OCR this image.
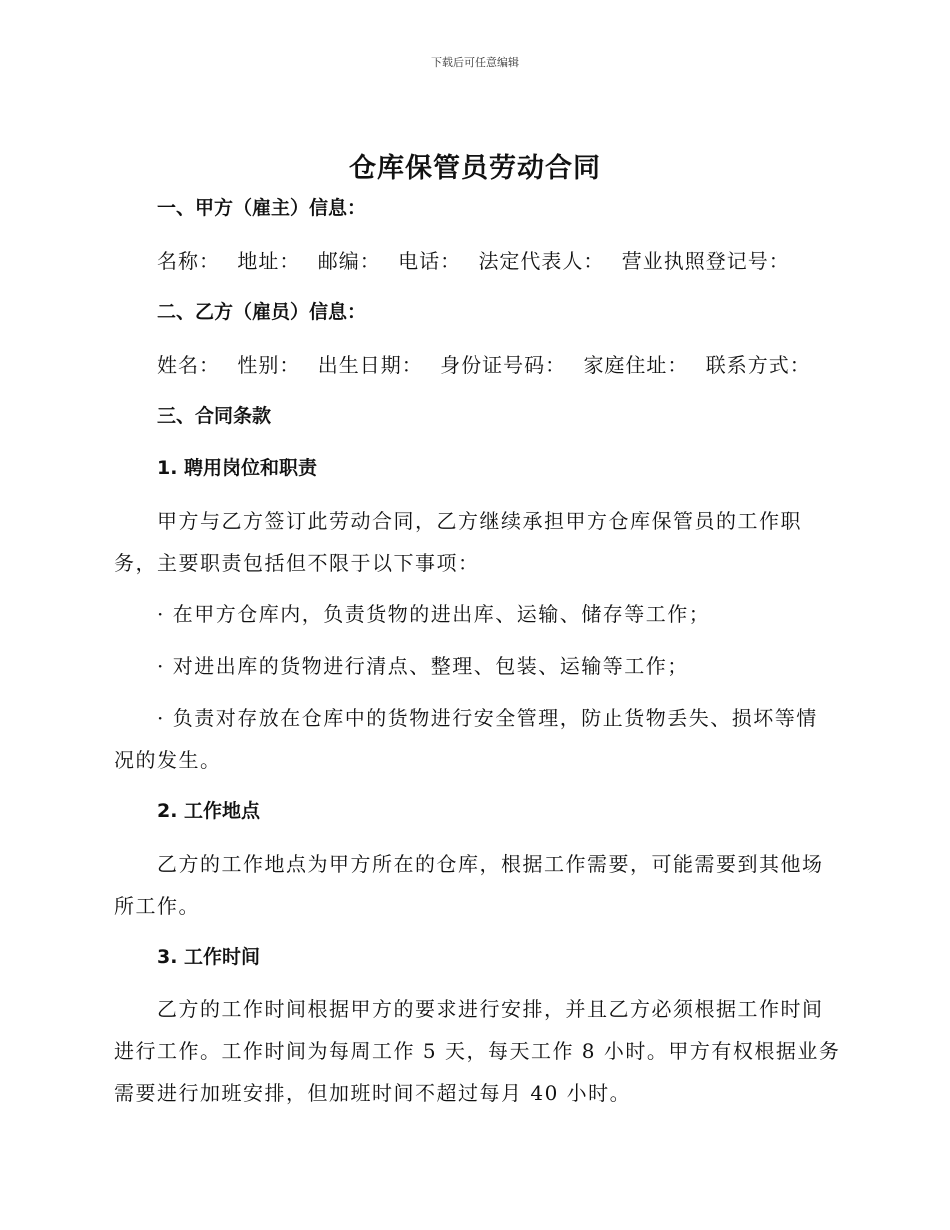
下载后可任意编辑
仓库保管员劳动合同
一、甲方（雇主）信息：
名称： 地址： 邮编： 电话： 法定代表人： 营业执照登记号：
二、乙方（雇员）信息：
姓名： 性别： 出生日期： 身份证号码： 家庭住址： 联系方式：
三、合同条款
1. 聘用岗位和职责
甲方与乙方签订此劳动合同，乙方继续承担甲方仓库保管员的工作职
务，主要职责包括但不限于以下事项：
· 在甲方仓库内，负责货物的进出库、运输、储存等工作；
· 对进出库的货物进行清点、整理、包装、运输等工作；
· 负责对存放在仓库中的货物进行安全管理，防止货物丢失、损坏等情
况的发生。
2. 工作地点
乙方的工作地点为甲方所在的仓库，根据工作需要，可能需要到其他场
所工作。
3. 工作时间
乙方的工作时间根据甲方的要求进行安排，并且乙方必须根据工作时间
进行工作。工作时间为每周工作 5 天，每天工作 8 小时。甲方有权根据业务
需要进行加班安排，但加班时间不超过每月 40 小时。
